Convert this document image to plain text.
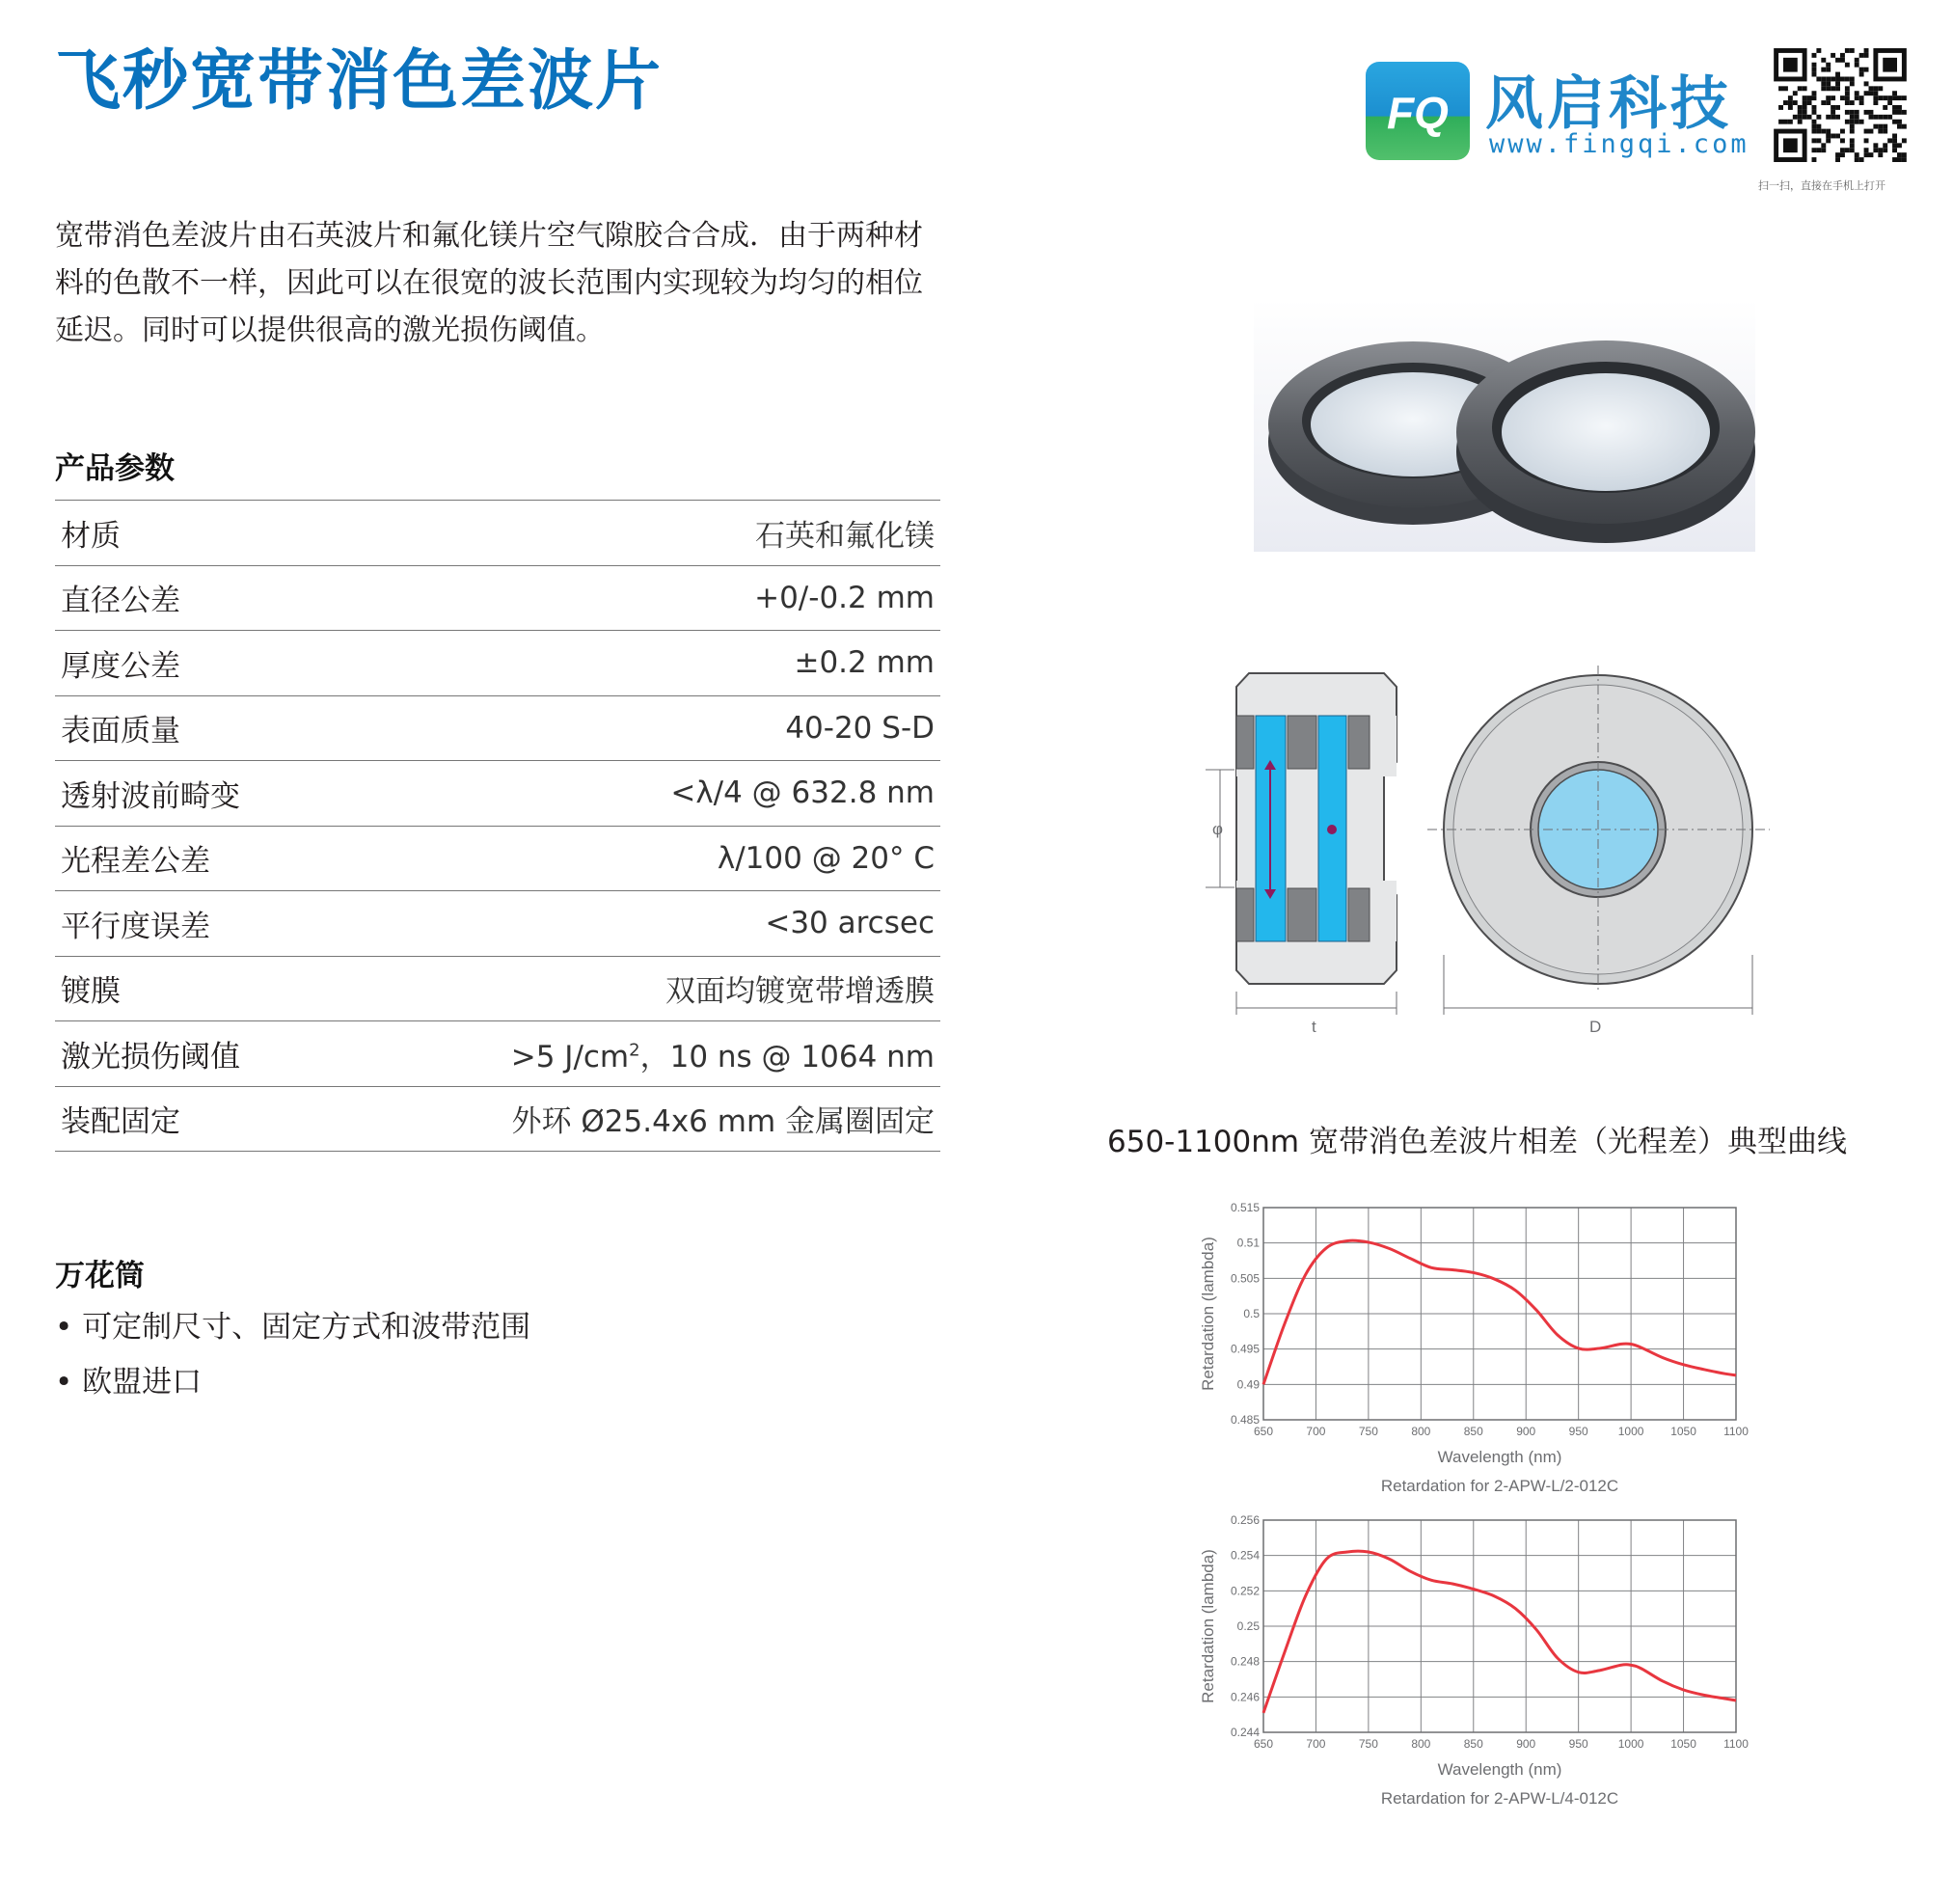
飞秒宽带消色差波片	FQ 风启科技
www.fingqi.com
扫一扫，直接在手机上打开
宽带消色差波片由石英波片和氟化镁片空气隙胶合合成．由于两种材料的色散不一样，因此可以在很宽的波长范围内实现较为均匀的相位延迟。同时可以提供很高的激光损伤阈值。
产品参数
材质	石英和氟化镁
直径公差	+0/-0.2 mm
厚度公差	±0.2 mm
表面质量	40-20 S-D
透射波前畸变	<λ/4 @ 632.8 nm
光程差公差	λ/100 @ 20° C
平行度误差	<30 arcsec
镀膜	双面均镀宽带增透膜
激光损伤阈值	>5 $J/cm^2$，10 ns @ 1064 nm
装配固定	外环 Ø25.4x6 mm 金属圈固定
万花筒
• 可定制尺寸、固定方式和波带范围
• 欧盟进口
φ
t	D
650-1100nm 宽带消色差波片相差（光程差）典型曲线
650	700	750	800	850	900	950	1000 1050 1100
0.515
0.51
0.505
0.5
0.495
0.49
0.485
Wavelength (nm)
Retardation (lambda)
Retardation for 2-APW-L/2-012C
650	700	750	800	850	900	950	1000 1050 1100
0.256
0.254
0.252
0.25
0.248
0.246
0.244
Wavelength (nm)
Retardation (lambda)
Retardation for 2-APW-L/4-012C
